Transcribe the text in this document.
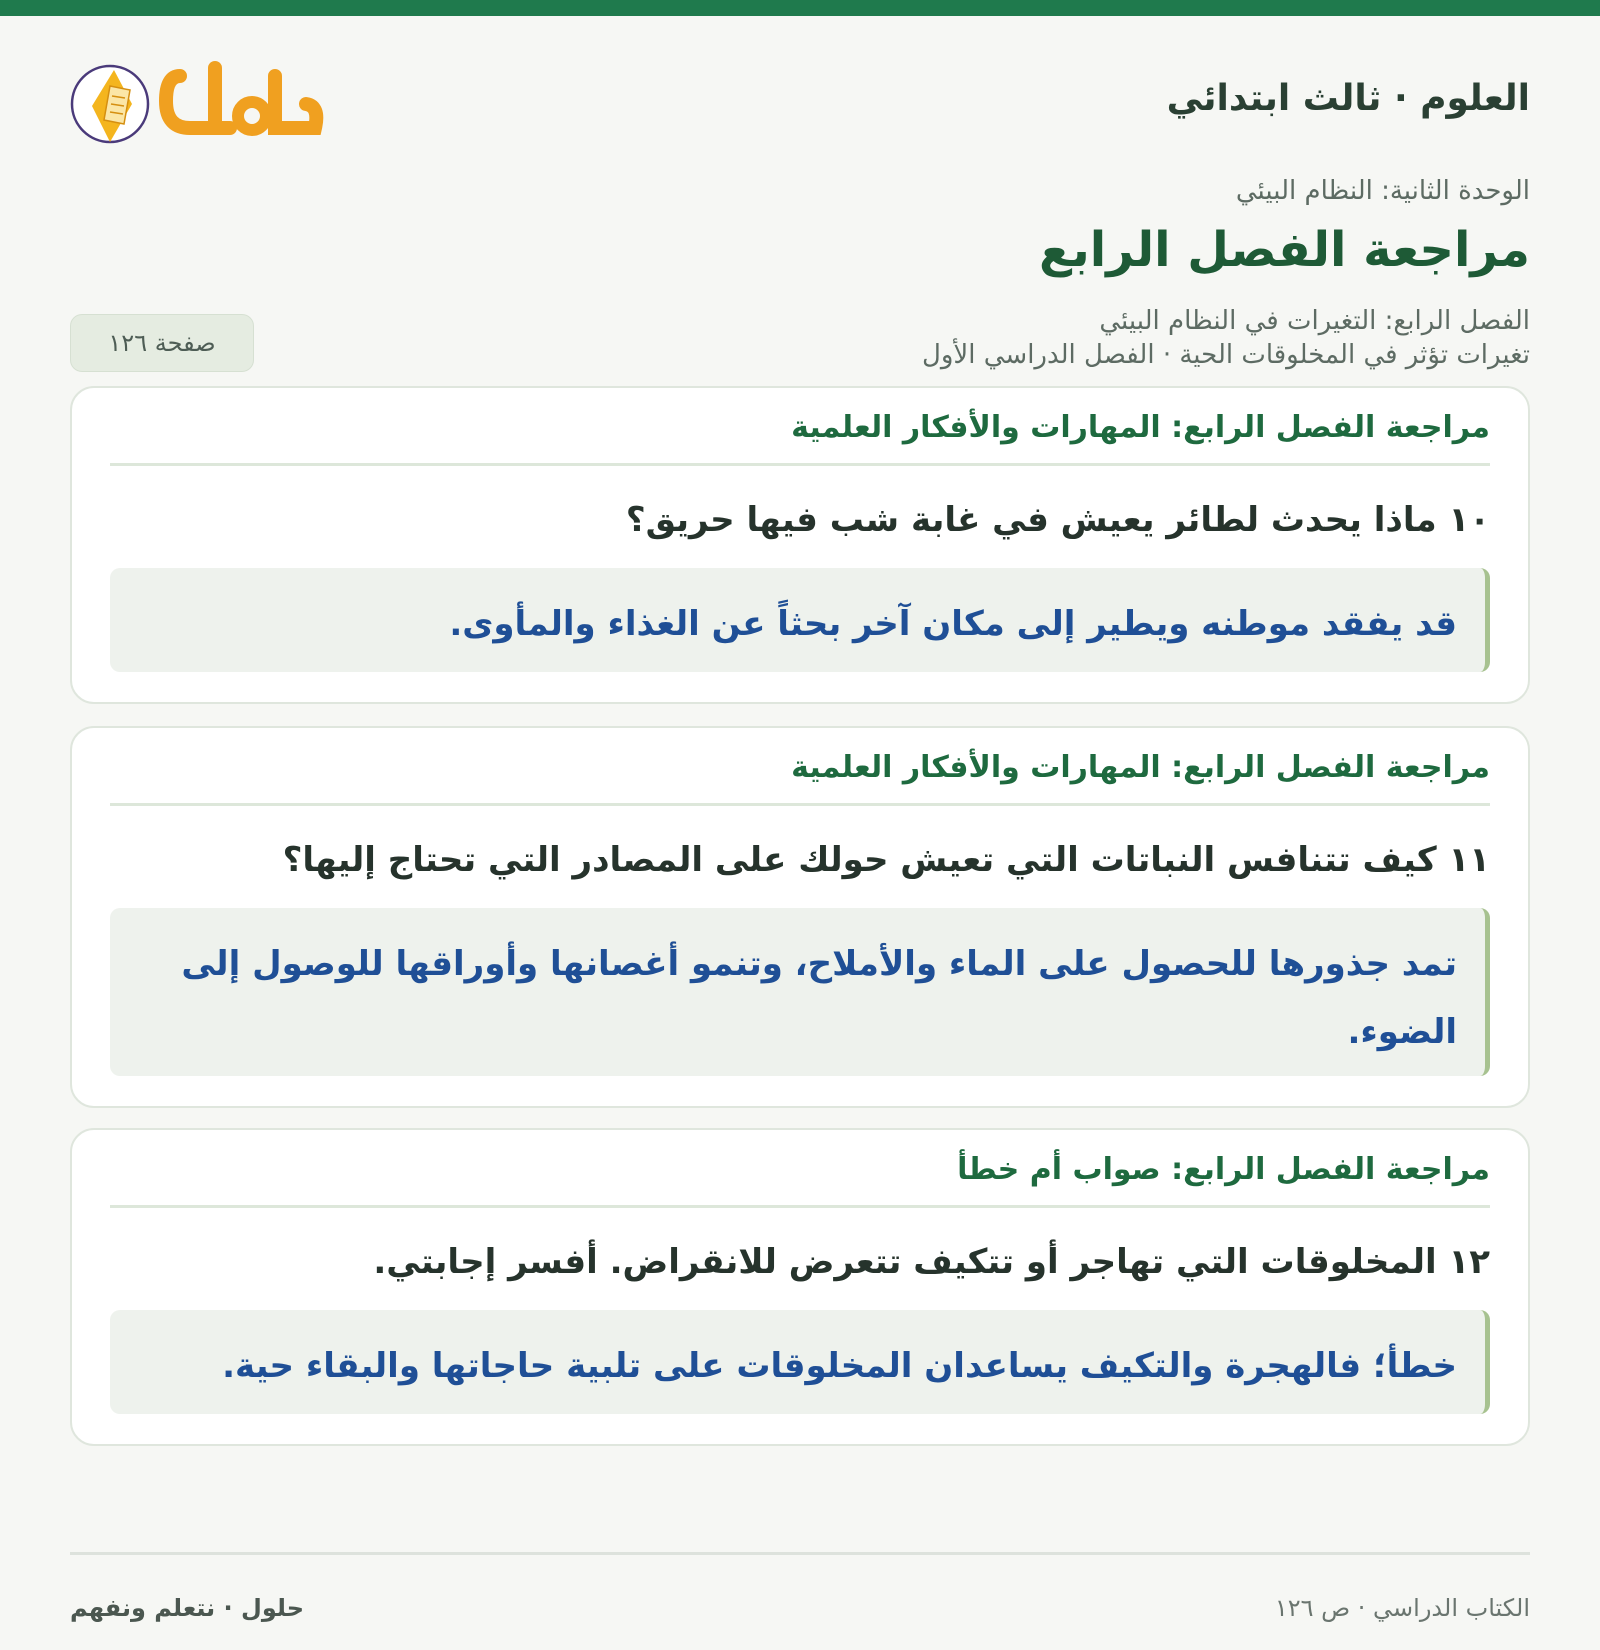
العلوم · ثالث ابتدائي
الوحدة الثانية: النظام البيئي
مراجعة الفصل الرابع
الفصل الرابع: التغيرات في النظام البيئي
تغيرات تؤثر في المخلوقات الحية · الفصل الدراسي الأول
صفحة ١٢٦
مراجعة الفصل الرابع: المهارات والأفكار العلمية
١٠ ماذا يحدث لطائر يعيش في غابة شب فيها حريق؟
قد يفقد موطنه ويطير إلى مكان آخر بحثاً عن الغذاء والمأوى.
مراجعة الفصل الرابع: المهارات والأفكار العلمية
١١ كيف تتنافس النباتات التي تعيش حولك على المصادر التي تحتاج إليها؟
تمد جذورها للحصول على الماء والأملاح، وتنمو أغصانها وأوراقها للوصول إلى الضوء.
مراجعة الفصل الرابع: صواب أم خطأ
١٢ المخلوقات التي تهاجر أو تتكيف تتعرض للانقراض. أفسر إجابتي.
خطأ؛ فالهجرة والتكيف يساعدان المخلوقات على تلبية حاجاتها والبقاء حية.
الكتاب الدراسي · ص ١٢٦
حلول · نتعلم ونفهم
